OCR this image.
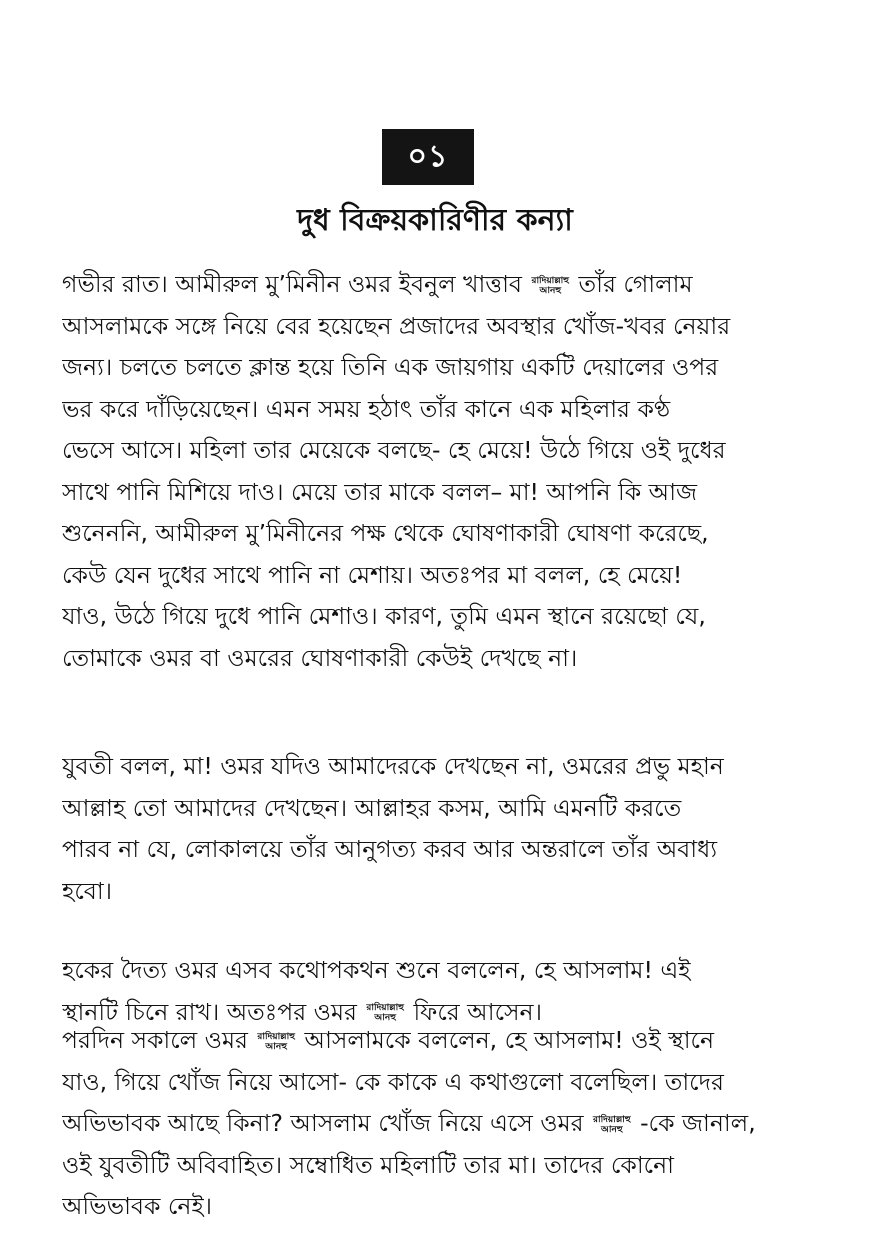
০১
দুধ বিক্রয়কারিণীর কন্যা
গভীর রাত। আমীরুল মু’মিনীন ওমর ইবনুল খাত্তাব রাদিয়াল্লাহু
আনহু তাঁর গোলাম
আসলামকে সঙ্গে নিয়ে বের হয়েছেন প্রজাদের অবস্থার খোঁজ-খবর নেয়ার
জন্য। চলতে চলতে ক্লান্ত হয়ে তিনি এক জায়গায় একটি দেয়ালের ওপর
ভর করে দাঁড়িয়েছেন। এমন সময় হঠাৎ তাঁর কানে এক মহিলার কণ্ঠ
ভেসে আসে। মহিলা তার মেয়েকে বলছে- হে মেয়ে! উঠে গিয়ে ওই দুধের
সাথে পানি মিশিয়ে দাও। মেয়ে তার মাকে বলল– মা! আপনি কি আজ
শুনেননি, আমীরুল মু’মিনীনের পক্ষ থেকে ঘোষণাকারী ঘোষণা করেছে,
কেউ যেন দুধের সাথে পানি না মেশায়। অতঃপর মা বলল, হে মেয়ে!
যাও, উঠে গিয়ে দুধে পানি মেশাও। কারণ, তুমি এমন স্থানে রয়েছো যে,
তোমাকে ওমর বা ওমরের ঘোষণাকারী কেউই দেখছে না।
যুবতী বলল, মা! ওমর যদিও আমাদেরকে দেখছেন না, ওমরের প্রভু মহান
আল্লাহ তো আমাদের দেখছেন। আল্লাহর কসম, আমি এমনটি করতে
পারব না যে, লোকালয়ে তাঁর আনুগত্য করব আর অন্তরালে তাঁর অবাধ্য
হবো।
হকের দৈত্য ওমর এসব কথোপকথন শুনে বললেন, হে আসলাম! এই
স্থানটি চিনে রাখ। অতঃপর ওমর রাদিয়াল্লাহু
আনহু ফিরে আসেন।
পরদিন সকালে ওমর রাদিয়াল্লাহু
আনহু আসলামকে বললেন, হে আসলাম! ওই স্থানে
যাও, গিয়ে খোঁজ নিয়ে আসো- কে কাকে এ কথাগুলো বলেছিল। তাদের
অভিভাবক আছে কিনা? আসলাম খোঁজ নিয়ে এসে ওমর রাদিয়াল্লাহু
আনহু -কে জানাল,
ওই যুবতীটি অবিবাহিত। সম্বোধিত মহিলাটি তার মা। তাদের কোনো
অভিভাবক নেই।
